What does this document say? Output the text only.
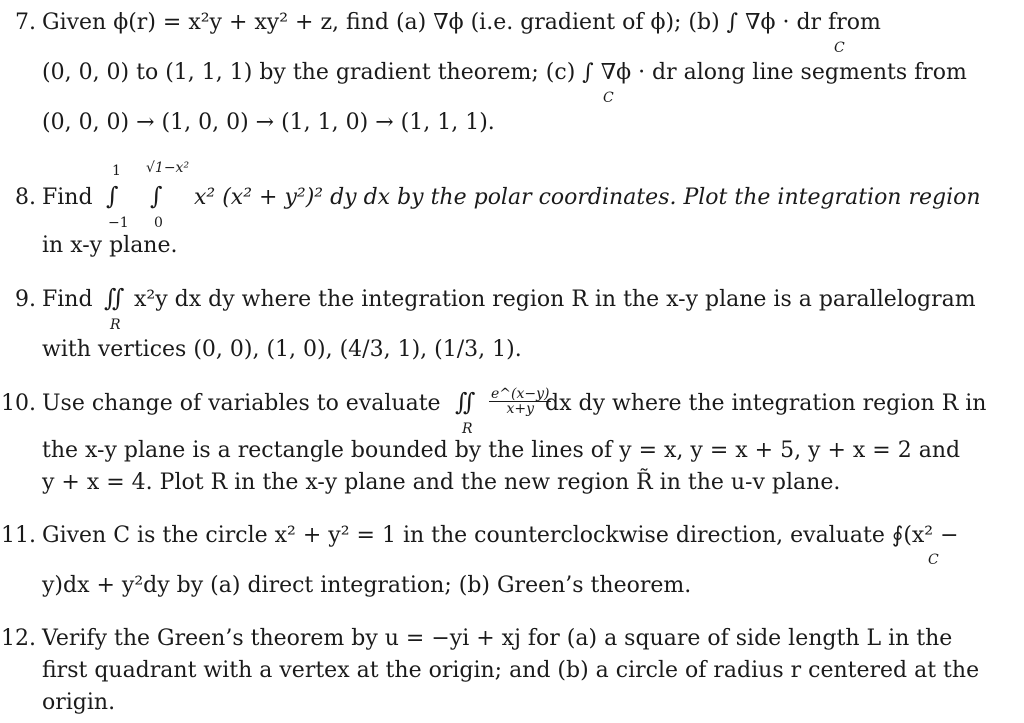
7. Given ϕ(r) = x²y + xy² + z, find (a) ∇ϕ (i.e. gradient of ϕ); (b) ∫ ∇ϕ · dr from
C
(0, 0, 0) to (1, 1, 1) by the gradient theorem; (c) ∫ ∇ϕ · dr along line segments from
C
(0, 0, 0) → (1, 0, 0) → (1, 1, 0) → (1, 1, 1).
1 √1−x²
8. Find ∫ ∫ x² (x² + y²)² dy dx by the polar coordinates. Plot the integration region
−1 0
in x-y plane.
9. Find ∬ x²y dx dy where the integration region R in the x-y plane is a parallelogram
R
with vertices (0, 0), (1, 0), (4/3, 1), (1/3, 1).
10. Use change of variables to evaluate ∬ $\frac{e\^{}(x-y)}{x+y}$
dx dy where the integration region R in
R
the x-y plane is a rectangle bounded by the lines of y = x, y = x + 5, y + x = 2 and
y + x = 4. Plot R in the x-y plane and the new region R̃ in the u-v plane.
11. Given C is the circle x² + y² = 1 in the counterclockwise direction, evaluate ∮(x² −
C
y)dx + y²dy by (a) direct integration; (b) Green’s theorem.
12. Verify the Green’s theorem by u = −yi + xj for (a) a square of side length L in the
first quadrant with a vertex at the origin; and (b) a circle of radius r centered at the
origin.
